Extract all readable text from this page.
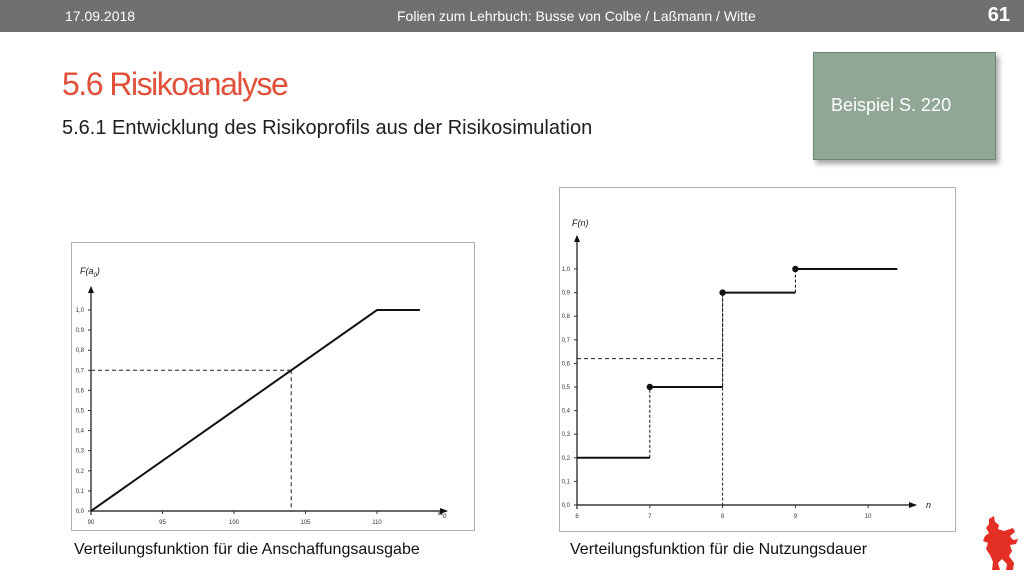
17.09.2018	Folien zum Lehrbuch: Busse von Colbe / Laßmann / Witte	61
5.6 Risikoanalyse
5.6.1 Entwicklung des Risikoprofils aus der Risikosimulation
Beispiel S. 220
0,0
0,1
0,2
0,3
0,4
0,5
0,6
0,7
0,8
0,9
1,0
90	95	100	105	110
$F(a_0)$
$a_0$
0,0
0,1
0,2
0,3
0,4
0,5
0,6
0,7
0,8
0,9
1,0
6	7	8	9	10
F(n)
n
Verteilungsfunktion für die Anschaffungsausgabe	Verteilungsfunktion für die Nutzungsdauer
